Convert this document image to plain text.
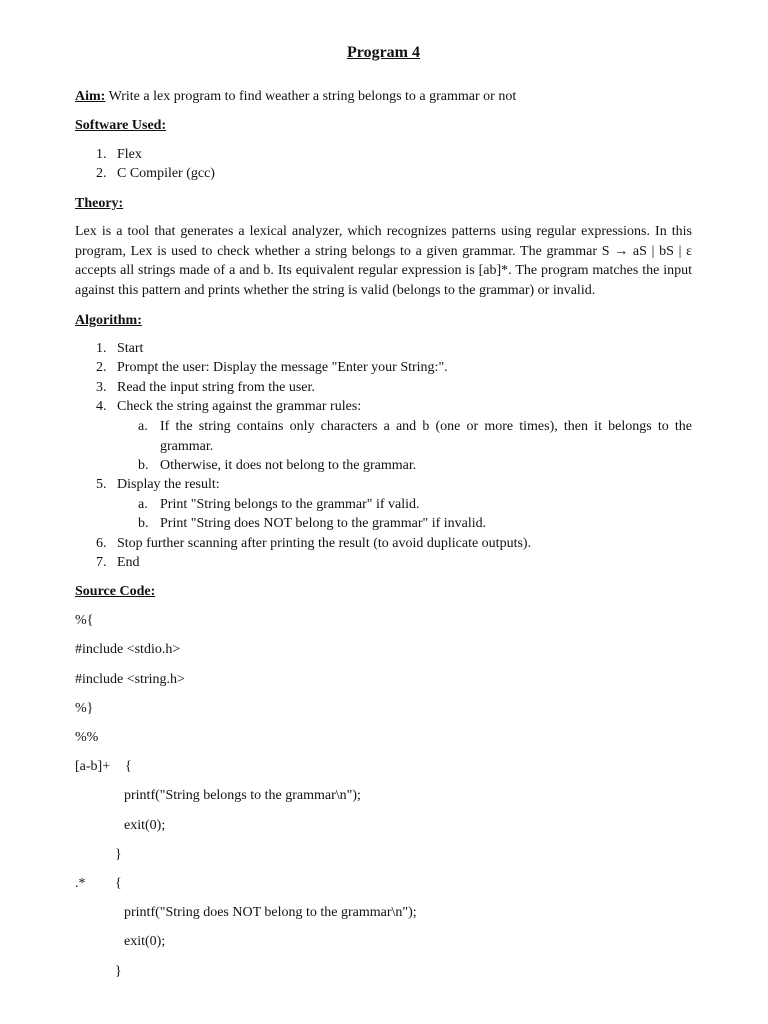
Program 4
Aim: Write a lex program to find weather a string belongs to a grammar or not
Software Used:
1. Flex
2. C Compiler (gcc)
Theory:
Lex is a tool that generates a lexical analyzer, which recognizes patterns using regular expressions. In this program, Lex is used to check whether a string belongs to a given grammar. The grammar S → aS | bS | ε accepts all strings made of a and b. Its equivalent regular expression is [ab]*. The program matches the input against this pattern and prints whether the string is valid (belongs to the grammar) or invalid.
Algorithm:
1. Start
2. Prompt the user: Display the message "Enter your String:".
3. Read the input string from the user.
4. Check the string against the grammar rules:
a. If the string contains only characters a and b (one or more times), then it belongs to the grammar.
b. Otherwise, it does not belong to the grammar.
5. Display the result:
a. Print "String belongs to the grammar" if valid.
b. Print "String does NOT belong to the grammar" if invalid.
6. Stop further scanning after printing the result (to avoid duplicate outputs).
7. End
Source Code:
%{
#include <stdio.h>
#include <string.h>
%}
%%
[a-b]+ {
printf("String belongs to the grammar\n");
exit(0);
}
.* {
printf("String does NOT belong to the grammar\n");
exit(0);
}
